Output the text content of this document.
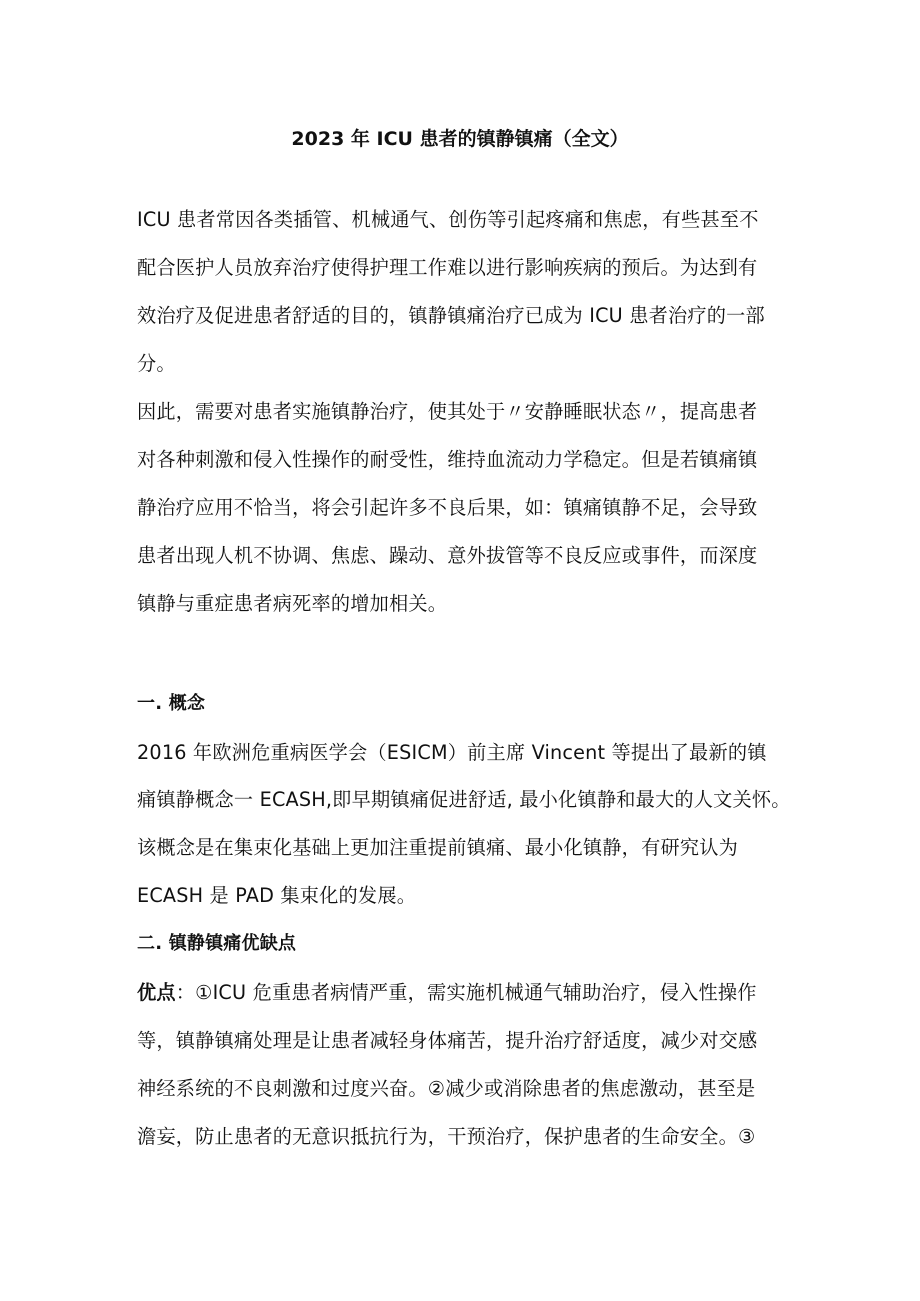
2023 年 ICU 患者的镇静镇痛（全文）
ICU 患者常因各类插管、机械通气、创伤等引起疼痛和焦虑，有些甚至不
配合医护人员放弃治疗使得护理工作难以进行影响疾病的预后。为达到有
效治疗及促进患者舒适的目的，镇静镇痛治疗已成为 ICU 患者治疗的一部
分。
因此，需要对患者实施镇静治疗，使其处于〃安静睡眠状态〃，提高患者
对各种刺激和侵入性操作的耐受性，维持血流动力学稳定。但是若镇痛镇
静治疗应用不恰当，将会引起许多不良后果，如：镇痛镇静不足，会导致
患者出现人机不协调、焦虑、躁动、意外拔管等不良反应或事件，而深度
镇静与重症患者病死率的增加相关。
一. 概念
2016 年欧洲危重病医学会（ESICM）前主席 Vincent 等提出了最新的镇
痛镇静概念一 ECASH,即早期镇痛促进舒适, 最小化镇静和最大的人文关怀。
该概念是在集束化基础上更加注重提前镇痛、最小化镇静，有研究认为
ECASH 是 PAD 集束化的发展。
二. 镇静镇痛优缺点
优点：①ICU 危重患者病情严重，需实施机械通气辅助治疗，侵入性操作
等，镇静镇痛处理是让患者减轻身体痛苦，提升治疗舒适度，减少对交感
神经系统的不良刺激和过度兴奋。②减少或消除患者的焦虑激动，甚至是
澹妄，防止患者的无意识抵抗行为，干预治疗，保护患者的生命安全。③
